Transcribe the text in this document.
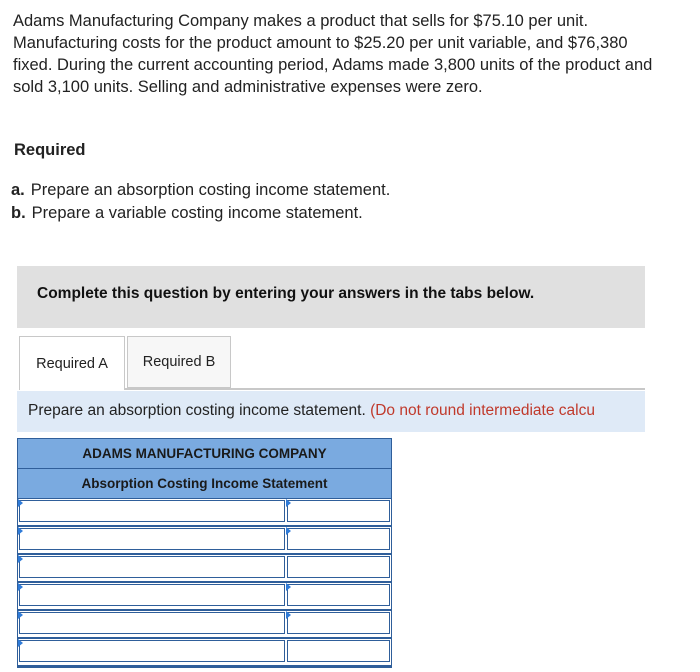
Adams Manufacturing Company makes a product that sells for $75.10 per unit. Manufacturing costs for the product amount to $25.20 per unit variable, and $76,380 fixed. During the current accounting period, Adams made 3,800 units of the product and sold 3,100 units. Selling and administrative expenses were zero.
Required
a. Prepare an absorption costing income statement.
b. Prepare a variable costing income statement.
Complete this question by entering your answers in the tabs below.
Required A	Required B
Prepare an absorption costing income statement. (Do not round intermediate calcu
ADAMS MANUFACTURING COMPANY
Absorption Costing Income Statement
